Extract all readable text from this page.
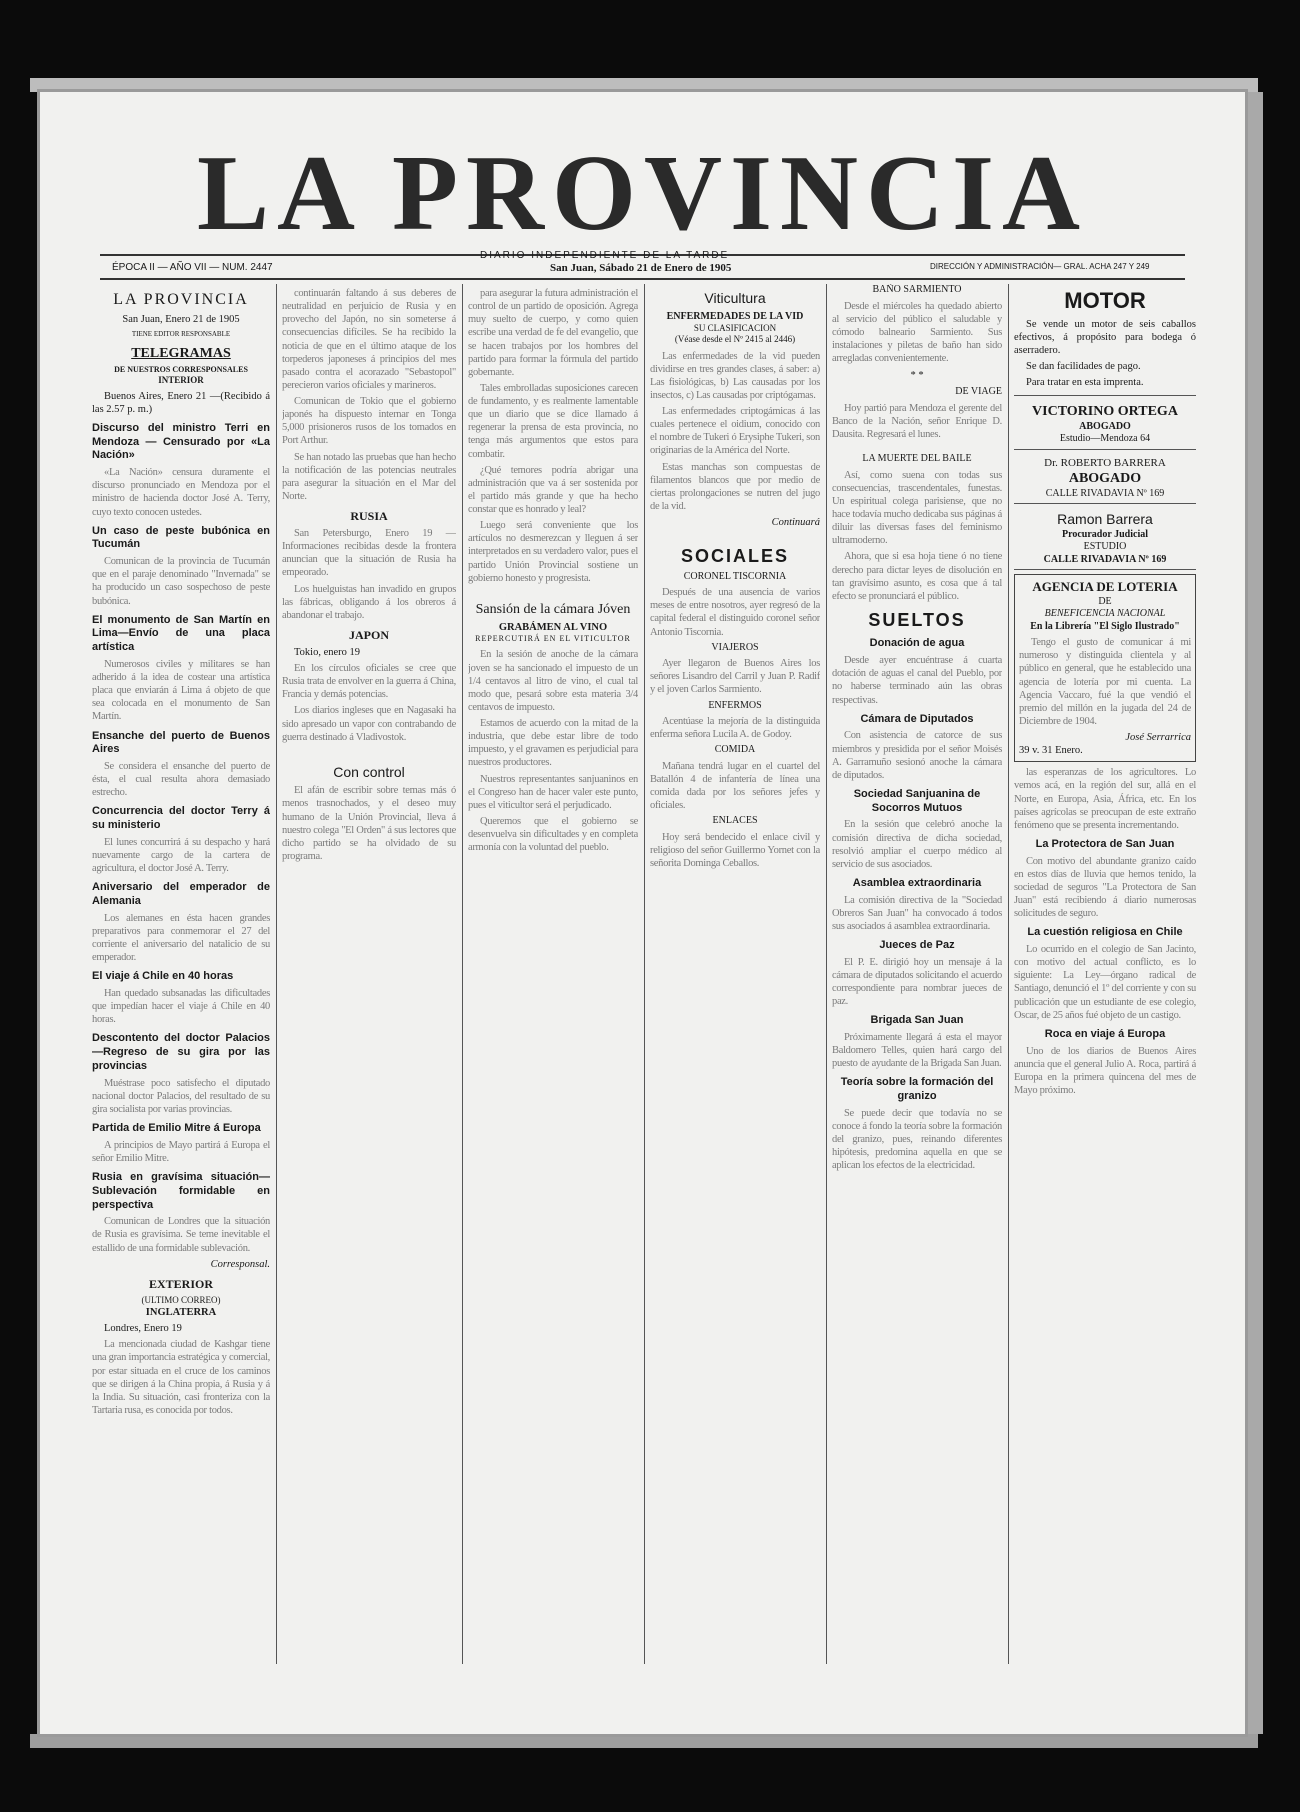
LA PROVINCIA
DIARIO INDEPENDIENTE DE LA TARDE
ÉPOCA II — AÑO VII — NUM. 2447	San Juan, Sábado 21 de Enero de 1905	DIRECCIÓN Y ADMINISTRACIÓN— GRAL. ACHA 247 Y 249
LA PROVINCIA
San Juan, Enero 21 de 1905
TIENE EDITOR RESPONSABLE
TELEGRAMAS
DE NUESTROS CORRESPONSALES
INTERIOR

Buenos Aires, Enero 21 —(Recibido á las 2.57 p. m.)

Discurso del ministro Terri en Mendoza — Censurado por «La Nación»

«La Nación» censura duramente el discurso pronunciado en Mendoza por el ministro de hacienda doctor José A. Terry, cuyo texto conocen ustedes.

Un caso de peste bubónica en Tucumán

Comunican de la provincia de Tucumán que en el paraje denominado "Invernada" se ha producido un caso sospechoso de peste bubónica.

El monumento de San Martín en Lima—Envío de una placa artística

Numerosos civiles y militares se han adherido á la idea de costear una artística placa que enviarán á Lima á objeto de que sea colocada en el monumento de San Martín.

Ensanche del puerto de Buenos Aires

Se considera el ensanche del puerto de ésta, el cual resulta ahora demasiado estrecho.

Concurrencia del doctor Terry á su ministerio

El lunes concurrirá á su despacho y hará nuevamente cargo de la cartera de agricultura, el doctor José A. Terry.

Aniversario del emperador de Alemania

Los alemanes en ésta hacen grandes preparativos para conmemorar el 27 del corriente el aniversario del natalicio de su emperador.

El viaje á Chile en 40 horas

Han quedado subsanadas las dificultades que impedían hacer el viaje á Chile en 40 horas.

Descontento del doctor Palacios —Regreso de su gira por las provincias

Muéstrase poco satisfecho el diputado nacional doctor Palacios, del resultado de su gira socialista por varias provincias.

Partida de Emilio Mitre á Europa

A principios de Mayo partirá á Europa el señor Emilio Mitre.

Rusia en gravísima situación— Sublevación formidable en perspectiva

Comunican de Londres que la situación de Rusia es gravísima. Se teme inevitable el estallido de una formidable sublevación.

Corresponsal.
EXTERIOR
(ULTIMO CORREO)
INGLATERRA

Londres, Enero 19

La mencionada ciudad de Kashgar tiene una gran importancia estratégica y comercial, por estar situada en el cruce de los caminos que se dirigen á la China propia, á Rusia y á la India. Su situación, casi fronteriza con la Tartaria rusa, es conocida por todos.

continuarán faltando á sus deberes de neutralidad en perjuicio de Rusia y en provecho del Japón, no sin someterse á consecuencias difíciles. Se ha recibido la noticia de que en el último ataque de los torpederos japoneses á principios del mes pasado contra el acorazado "Sebastopol" perecieron varios oficiales y marineros.

Comunican de Tokio que el gobierno japonés ha dispuesto internar en Tonga 5,000 prisioneros rusos de los tomados en Port Arthur.

Se han notado las pruebas que han hecho la notificación de las potencias neutrales para asegurar la situación en el Mar del Norte.

RUSIA

San Petersburgo, Enero 19 — Informaciones recibidas desde la frontera anuncian que la situación de Rusia ha empeorado.

Los huelguistas han invadido en grupos las fábricas, obligando á los obreros á abandonar el trabajo.

JAPON

Tokio, enero 19

En los círculos oficiales se cree que Rusia trata de envolver en la guerra á China, Francia y demás potencias.

Los diarios ingleses que en Nagasaki ha sido apresado un vapor con contrabando de guerra destinado á Vladivostok.

Con control

El afán de escribir sobre temas más ó menos trasnochados, y el deseo muy humano de la Unión Provincial, lleva á nuestro colega "El Orden" á sus lectores que dicho partido se ha olvidado de su programa.

para asegurar la futura administración el control de un partido de oposición. Agrega muy suelto de cuerpo, y como quien escribe una verdad de fe del evangelio, que se hacen trabajos por los hombres del partido para formar la fórmula del partido gobernante.

Tales embrolladas suposiciones carecen de fundamento, y es realmente lamentable que un diario que se dice llamado á regenerar la prensa de esta provincia, no tenga más argumentos que estos para combatir.

¿Qué temores podría abrigar una administración que va á ser sostenida por el partido más grande y que ha hecho constar que es honrado y leal?

Luego será conveniente que los artículos no desmerezcan y lleguen á ser interpretados en su verdadero valor, pues el partido Unión Provincial sostiene un gobierno honesto y progresista.

Sansión de la cámara Jóven
GRABÁMEN AL VINO
REPERCUTIRÁ EN EL VITICULTOR

En la sesión de anoche de la cámara joven se ha sancionado el impuesto de un 1/4 centavos al litro de vino, el cual tal modo que, pesará sobre esta materia 3/4 centavos de impuesto.

Estamos de acuerdo con la mitad de la industria, que debe estar libre de todo impuesto, y el gravamen es perjudicial para nuestros productores.

Nuestros representantes sanjuaninos en el Congreso han de hacer valer este punto, pues el viticultor será el perjudicado.

Queremos que el gobierno se desenvuelva sin dificultades y en completa armonía con la voluntad del pueblo.

Viticultura
ENFERMEDADES DE LA VID
SU CLASIFICACION
(Véase desde el Nº 2415 al 2446)

Las enfermedades de la vid pueden dividirse en tres grandes clases, á saber: a) Las fisiológicas, b) Las causadas por los insectos, c) Las causadas por criptógamas.

Las enfermedades criptogámicas á las cuales pertenece el oidium, conocido con el nombre de Tukeri ó Erysiphe Tukeri, son originarias de la América del Norte.

Estas manchas son compuestas de filamentos blancos que por medio de ciertas prolongaciones se nutren del jugo de la vid.

Continuará
SOCIALES
CORONEL TISCORNIA

Después de una ausencia de varios meses de entre nosotros, ayer regresó de la capital federal el distinguido coronel señor Antonio Tiscornia.

VIAJEROS

Ayer llegaron de Buenos Aires los señores Lisandro del Carril y Juan P. Radif y el joven Carlos Sarmiento.

ENFERMOS

Acentúase la mejoría de la distinguida enferma señora Lucila A. de Godoy.

COMIDA

Mañana tendrá lugar en el cuartel del Batallón 4 de infantería de línea una comida dada por los señores jefes y oficiales.

ENLACES

Hoy será bendecido el enlace civil y religioso del señor Guillermo Yornet con la señorita Dominga Ceballos.

BAÑO SARMIENTO

Desde el miércoles ha quedado abierto al servicio del público el saludable y cómodo balneario Sarmiento. Sus instalaciones y piletas de baño han sido arregladas convenientemente.

* *
DE VIAGE

Hoy partió para Mendoza el gerente del Banco de la Nación, señor Enrique D. Dausita. Regresará el lunes.

LA MUERTE DEL BAILE

Así, como suena con todas sus consecuencias, trascendentales, funestas. Un espiritual colega parisiense, que no hace todavía mucho dedicaba sus páginas á diluir las diversas fases del feminismo ultramoderno.

Ahora, que si esa hoja tiene ó no tiene derecho para dictar leyes de disolución en tan gravísimo asunto, es cosa que á tal efecto se pronunciará el público.

SUELTOS
Donación de agua

Desde ayer encuéntrase á cuarta dotación de aguas el canal del Pueblo, por no haberse terminado aún las obras respectivas.

Cámara de Diputados

Con asistencia de catorce de sus miembros y presidida por el señor Moisés A. Garramuño sesionó anoche la cámara de diputados.

Sociedad Sanjuanina de Socorros Mutuos

En la sesión que celebró anoche la comisión directiva de dicha sociedad, resolvió ampliar el cuerpo médico al servicio de sus asociados.

Asamblea extraordinaria

La comisión directiva de la "Sociedad Obreros San Juan" ha convocado á todos sus asociados á asamblea extraordinaria.

Jueces de Paz

El P. E. dirigió hoy un mensaje á la cámara de diputados solicitando el acuerdo correspondiente para nombrar jueces de paz.

Brigada San Juan

Próximamente llegará á esta el mayor Baldomero Telles, quien hará cargo del puesto de ayudante de la Brigada San Juan.

Teoría sobre la formación del granizo

Se puede decir que todavía no se conoce á fondo la teoría sobre la formación del granizo, pues, reinando diferentes hipótesis, predomina aquella en que se aplican los efectos de la electricidad.

MOTOR

Se vende un motor de seis caballos efectivos, á propósito para bodega ó aserradero.

Se dan facilidades de pago.

Para tratar en esta imprenta.

VICTORINO ORTEGA
ABOGADO
Estudio—Mendoza 64
Dr. ROBERTO BARRERA
ABOGADO
CALLE RIVADAVIA Nº 169
Ramon Barrera
Procurador Judicial
ESTUDIO
CALLE RIVADAVIA Nº 169
AGENCIA DE LOTERIA
DE
BENEFICENCIA NACIONAL
En la Librería "El Siglo Ilustrado"

Tengo el gusto de comunicar á mi numeroso y distinguida clientela y al público en general, que he establecido una agencia de lotería por mi cuenta. La Agencia Vaccaro, fué la que vendió el premio del millón en la jugada del 24 de Diciembre de 1904.

José Serrarrica
39 v. 31 Enero.

las esperanzas de los agricultores. Lo vemos acá, en la región del sur, allá en el Norte, en Europa, Asia, África, etc. En los países agrícolas se preocupan de este extraño fenómeno que se presenta incrementando.

La Protectora de San Juan

Con motivo del abundante granizo caído en estos días de lluvia que hemos tenido, la sociedad de seguros "La Protectora de San Juan" está recibiendo á diario numerosas solicitudes de seguro.

La cuestión religiosa en Chile

Lo ocurrido en el colegio de San Jacinto, con motivo del actual conflicto, es lo siguiente: La Ley—órgano radical de Santiago, denunció el 1º del corriente y con su publicación que un estudiante de ese colegio, Oscar, de 25 años fué objeto de un castigo.

Roca en viaje á Europa

Uno de los diarios de Buenos Aires anuncia que el general Julio A. Roca, partirá á Europa en la primera quincena del mes de Mayo próximo.
